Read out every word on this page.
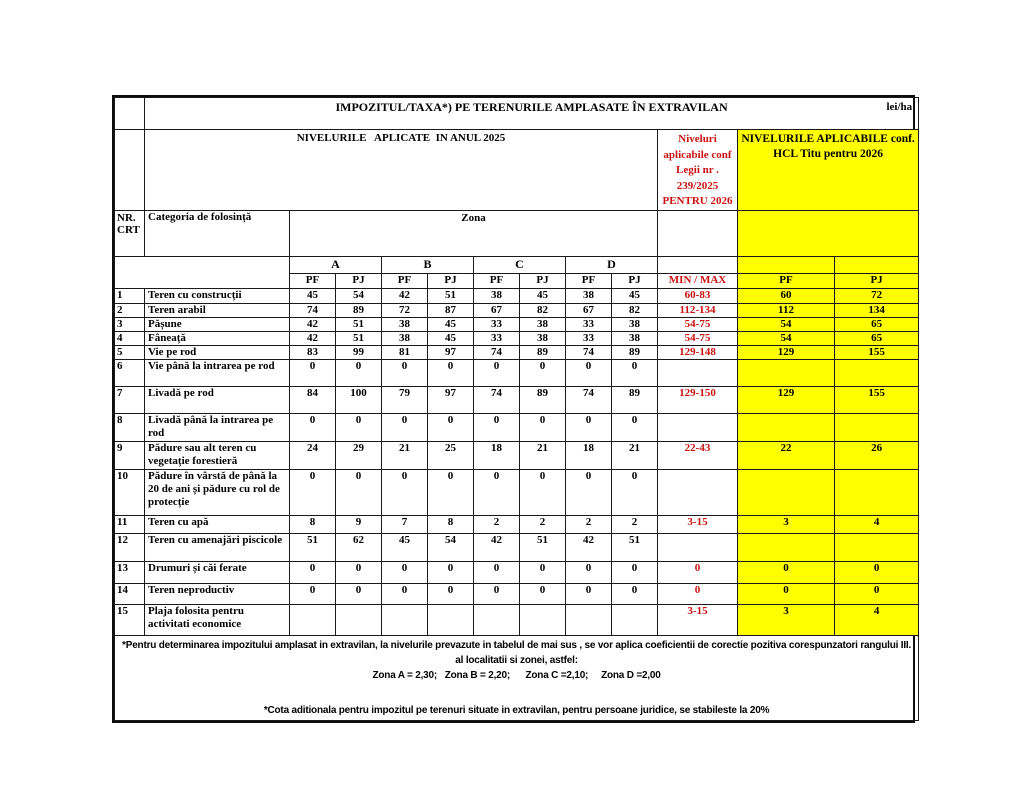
	IMPOZITUL/TAXA*) PE TERENURILE AMPLASATE ÎN EXTRAVILAN lei/ha											

	NIVELURILE   APLICATE  IN ANUL 2025	Niveluri
aplicabile conf
Legii nr .
239/2025
PENTRU 2026

NIVELURILE APLICABILE conf.
HCL Titu pentru 2026

NR.CRT	Categoria de folosință	Zona										
		A		B		C		D				
		PF	PJ	PF	PJ	PF	PJ	PF	PJ	MIN / MAX	PF	PJ
1	Teren cu construcții	45	54	42	51	38	45	38	45	60-83	60	72
2	Teren arabil	74	89	72	87	67	82	67	82	112-134	112	134
3	Pășune	42	51	38	45	33	38	33	38	54-75	54	65
4	Fâneață	42	51	38	45	33	38	33	38	54-75	54	65
5	Vie pe rod	83	99	81	97	74	89	74	89	129-148	129	155
6	Vie până la intrarea pe rod	0	0	0	0	0	0	0	0			
7	Livadă pe rod	84	100	79	97	74	89	74	89	129-150	129	155
8	Livadă până la intrarea pe rod	0	0	0	0	0	0	0	0			
9	Pădure sau alt teren cu vegetație forestieră	24	29	21	25	18	21	18	21	22-43	22	26
10	Pădure în vârstă de până la 20 de ani și pădure cu rol de protecție	0	0	0	0	0	0	0	0			
11	Teren cu apă	8	9	7	8	2	2	2	2	3-15	3	4
12	Teren cu amenajări piscicole	51	62	45	54	42	51	42	51			
13	Drumuri și căi ferate	0	0	0	0	0	0	0	0	0	0	0
14	Teren neproductiv	0	0	0	0	0	0	0	0	0	0	0
15	Plaja folosita pentru activitati economice									3-15	3	4

*Pentru determinarea impozitului amplasat in extravilan, la nivelurile prevazute in tabelul de mai sus , se vor aplica coeficientii de corectie pozitiva corespunzatori rangului III. al localitatii si zonei, astfel:
Zona A = 2,30;   Zona B = 2,20;      Zona C =2,10;     Zona D =2,00
*Cota aditionala pentru impozitul pe terenuri situate in extravilan, pentru persoane juridice, se stabileste la 20%												
